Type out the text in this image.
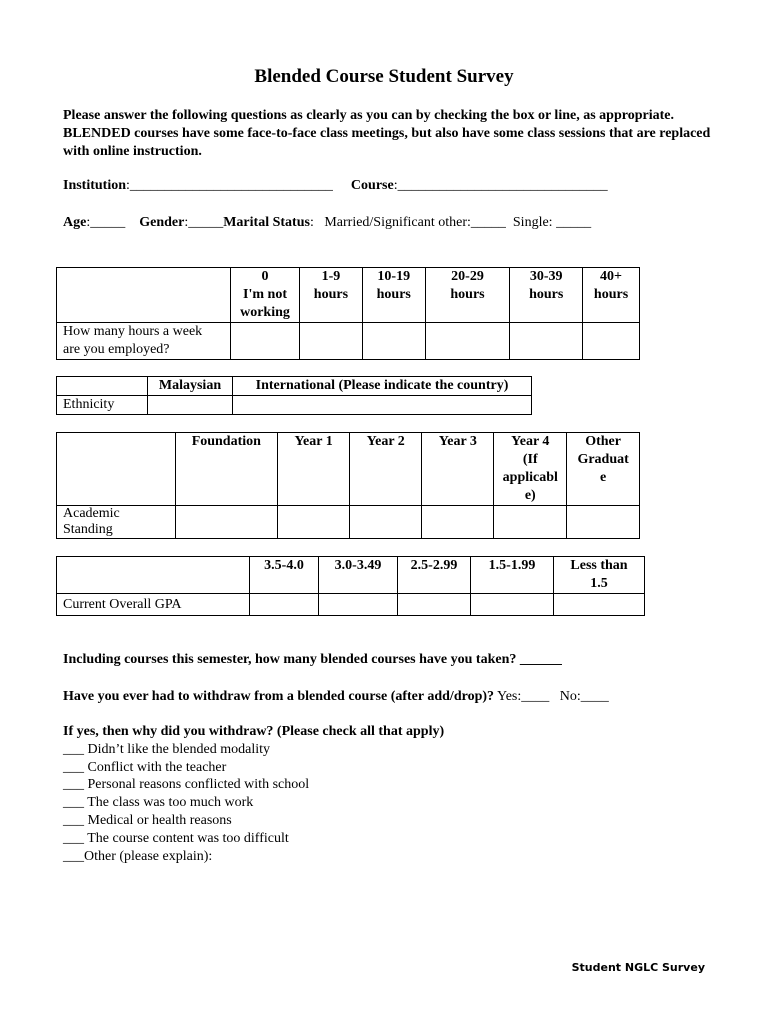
Blended Course Student Survey
Please answer the following questions as clearly as you can by checking the box or line, as appropriate. BLENDED courses have some face-to-face class meetings, but also have some class sessions that are replaced with online instruction.
Institution:_____________________________ Course:______________________________
Age:_____ Gender:_____Marital Status:   Married/Significant other:_____  Single: _____
	0
I'm not
working	1-9
hours	10-19
hours	20-29
hours	30-39
hours	40+
hours
How many hours a week
are you employed?						
	Malaysian	International (Please indicate the country)
Ethnicity		
	Foundation	Year 1	Year 2	Year 3	Year 4
(If
applicabl
e)	Other
Graduat
e
Academic
Standing						
	3.5-4.0	3.0-3.49	2.5-2.99	1.5-1.99	Less than
1.5
Current Overall GPA					
Including courses this semester, how many blended courses have you taken? ______
Have you ever had to withdraw from a blended course (after add/drop)? Yes:____   No:____
If yes, then why did you withdraw? (Please check all that apply)
___ Didn’t like the blended modality
___ Conflict with the teacher
___ Personal reasons conflicted with school
___ The class was too much work
___ Medical or health reasons
___ The course content was too difficult
___Other (please explain):
Student NGLC Survey
